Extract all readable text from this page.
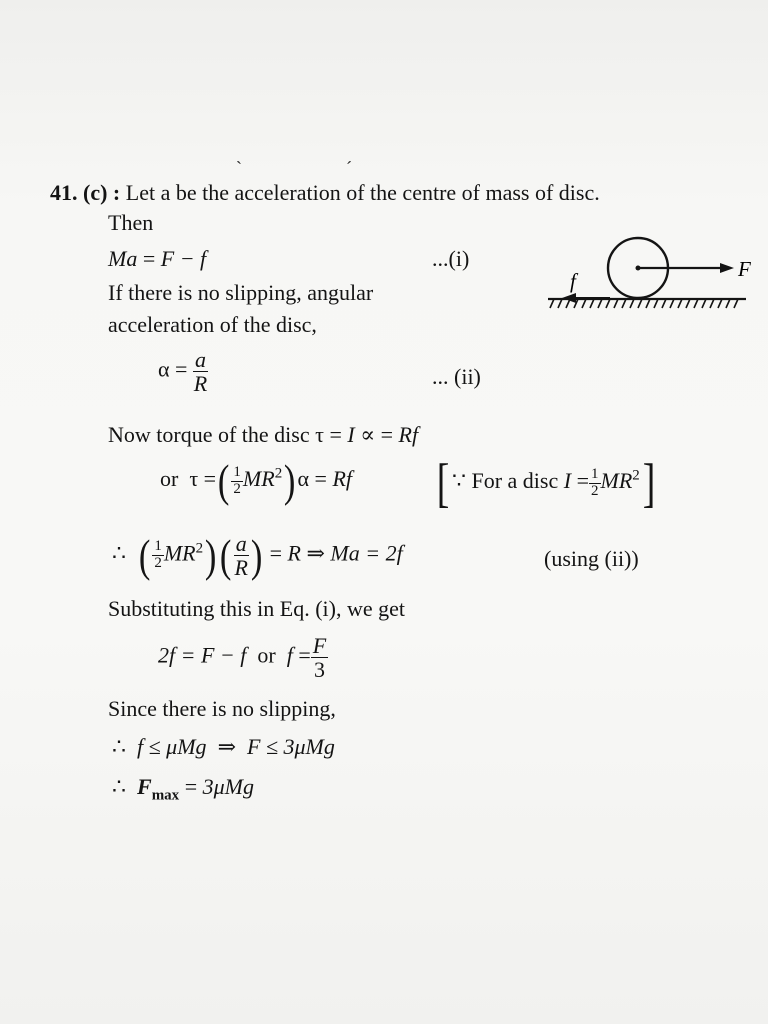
ˋ	ˊ
41. (c) : Let a be the acceleration of the centre of mass of disc.
Then
Ma = F − f	...(i)
If there is no slipping, angular
acceleration of the disc,
F
f
$\alpha = \frac{a}{R}$	... (ii)
Now torque of the disc τ = I ∝ = Rf
or τ =( $\frac{1}{2} MR^2)\alpha = Rf$ [ ∵ For a disc $I = \frac{1}{2} MR^2$]
∴ ( $\frac{1}{2} MR^2)( \frac{a}{R}$ ) = R ⇒ Ma = 2f	(using (ii))
Substituting this in Eq. (i), we get
2f = F − f or $f = \frac{F}{3}$
Since there is no slipping,
∴ f ≤ μMg ⇒ F ≤ 3μMg
∴ $F_{max} = 3\mu Mg$
